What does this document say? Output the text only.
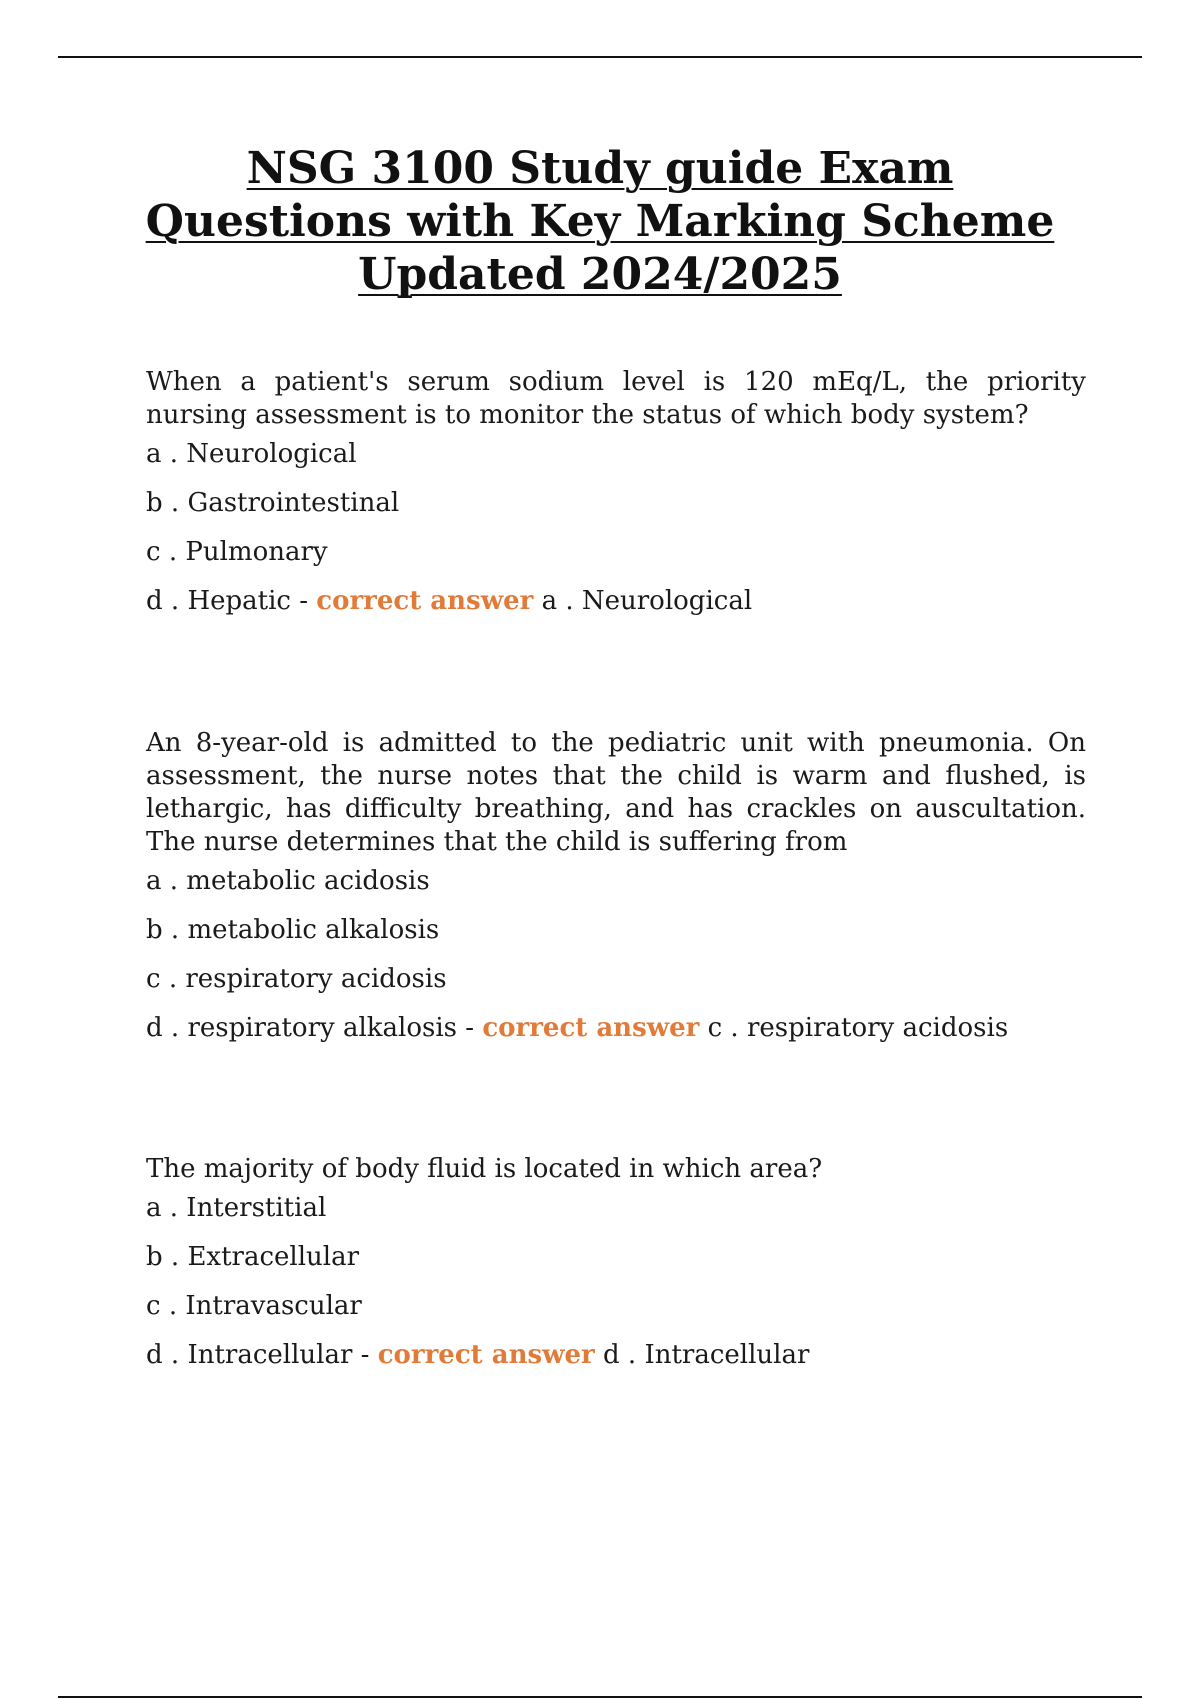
NSG 3100 Study guide Exam
Questions with Key Marking Scheme
Updated 2024/2025

When a patient's serum sodium level is 120 mEq/L, the priority nursing assessment is to monitor the status of which body system?

a . Neurological

b . Gastrointestinal

c . Pulmonary

d . Hepatic - correct answer a . Neurological

An 8-year-old is admitted to the pediatric unit with pneumonia. On assessment, the nurse notes that the child is warm and flushed, is lethargic, has difficulty breathing, and has crackles on auscultation. The nurse determines that the child is suffering from

a . metabolic acidosis

b . metabolic alkalosis

c . respiratory acidosis

d . respiratory alkalosis - correct answer c . respiratory acidosis

The majority of body fluid is located in which area?

a . Interstitial

b . Extracellular

c . Intravascular

d . Intracellular - correct answer d . Intracellular
